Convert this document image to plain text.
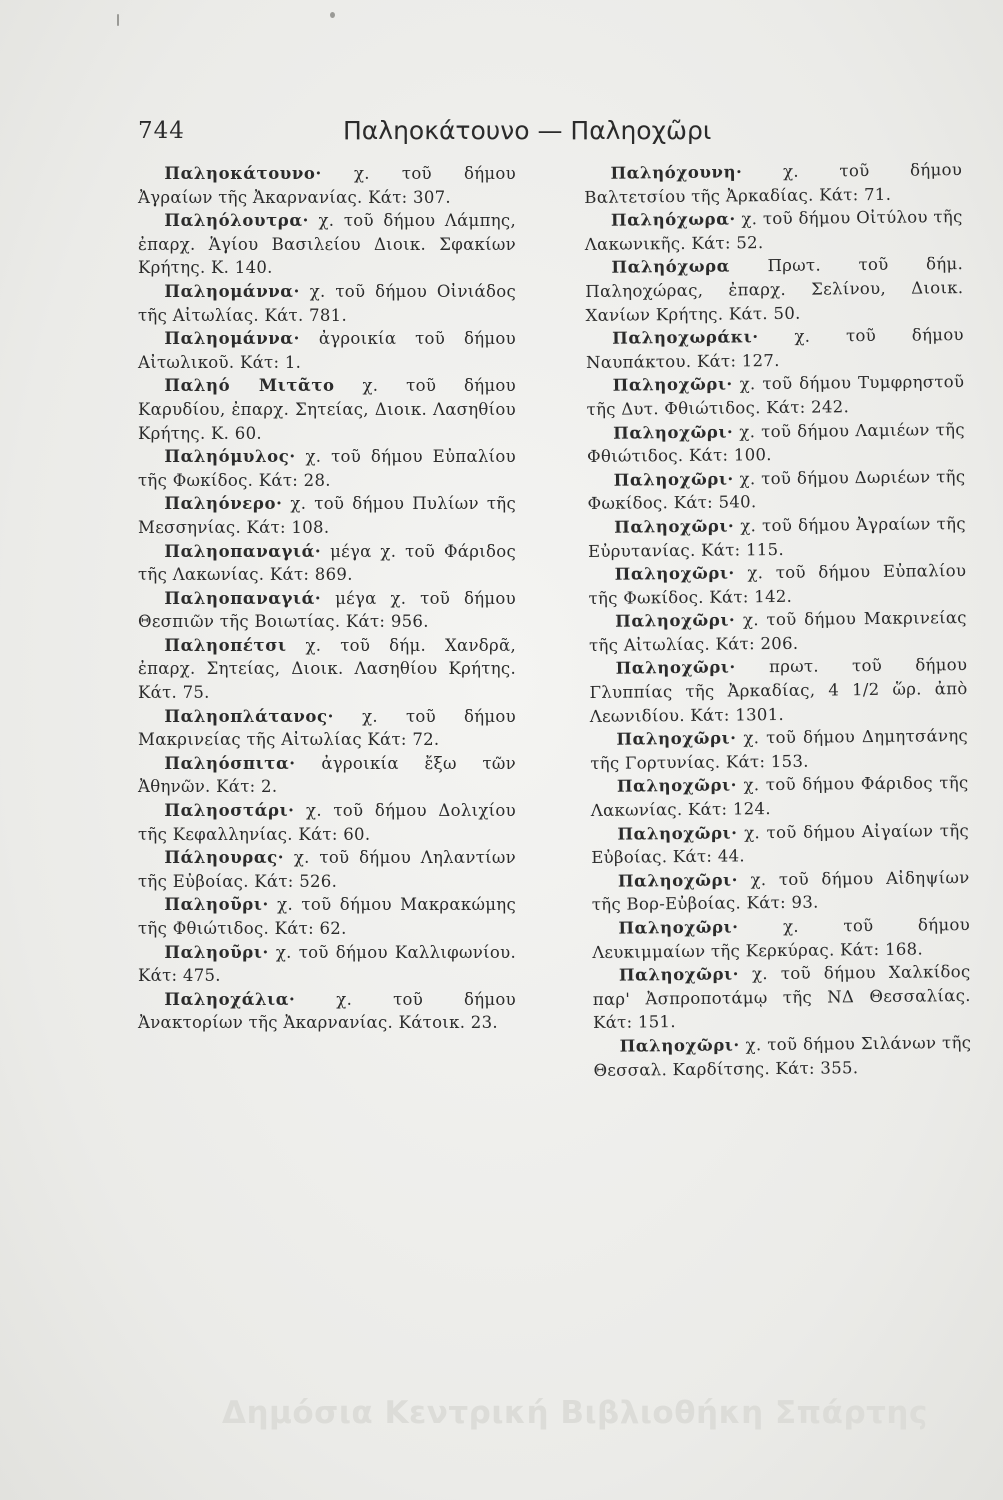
744	Παληοκάτουνο — Παληοχῶρι

Παληοκάτουνο· χ. τοῦ δήμου Ἀγραίων τῆς Ἀκαρνανίας. Κάτ: 307.

Παληόλουτρα· χ. τοῦ δήμου Λάμπης, ἐπαρχ. Ἁγίου Βασιλείου Διοικ. Σφακίων Κρήτης. Κ. 140.

Παληομάννα· χ. τοῦ δήμου Οἰνιάδος τῆς Αἰτωλίας. Κάτ. 781.

Παληομάννα· ἀγροικία τοῦ δήμου Αἰτωλικοῦ. Κάτ: 1.

Παληό Μιτᾶτο χ. τοῦ δήμου Καρυδίου, ἐπαρχ. Σητείας, Διοικ. Λασηθίου Κρήτης. Κ. 60.

Παληόμυλος· χ. τοῦ δήμου Εὐπαλίου τῆς Φωκίδος. Κάτ: 28.

Παληόνερο· χ. τοῦ δήμου Πυλίων τῆς Μεσσηνίας. Κάτ: 108.

Παληοπαναγιά· μέγα χ. τοῦ Φάριδος τῆς Λακωνίας. Κάτ: 869.

Παληοπαναγιά· μέγα χ. τοῦ δήμου Θεσπιῶν τῆς Βοιωτίας. Κάτ: 956.

Παληοπέτσι χ. τοῦ δήμ. Χανδρᾶ, ἐπαρχ. Σητείας, Διοικ. Λασηθίου Κρήτης. Κάτ. 75.

Παληοπλάτανος· χ. τοῦ δήμου Μακρινείας τῆς Αἰτωλίας Κάτ: 72.

Παληόσπιτα· ἀγροικία ἔξω τῶν Ἀθηνῶν. Κάτ: 2.

Παληοστάρι· χ. τοῦ δήμου Δολιχίου τῆς Κεφαλληνίας. Κάτ: 60.

Πάληουρας· χ. τοῦ δήμου Ληλαντίων τῆς Εὐβοίας. Κάτ: 526.

Παληοῦρι· χ. τοῦ δήμου Μακρακώμης τῆς Φθιώτιδος. Κάτ: 62.

Παληοῦρι· χ. τοῦ δήμου Καλλιφωνίου. Κάτ: 475.

Παληοχάλια· χ. τοῦ δήμου Ἀνακτορίων τῆς Ἀκαρνανίας. Κάτοικ. 23.

Παληόχουνη· χ. τοῦ δήμου Βαλτετσίου τῆς Ἀρκαδίας. Κάτ: 71.

Παληόχωρα· χ. τοῦ δήμου Οἰτύλου τῆς Λακωνικῆς. Κάτ: 52.

Παληόχωρα Πρωτ. τοῦ δήμ. Παληοχώρας, ἐπαρχ. Σελίνου, Διοικ. Χανίων Κρήτης. Κάτ. 50.

Παληοχωράκι· χ. τοῦ δήμου Ναυπάκτου. Κάτ: 127.

Παληοχῶρι· χ. τοῦ δήμου Τυμφρηστοῦ τῆς Δυτ. Φθιώτιδος. Κάτ: 242.

Παληοχῶρι· χ. τοῦ δήμου Λαμιέων τῆς Φθιώτιδος. Κάτ: 100.

Παληοχῶρι· χ. τοῦ δήμου Δωριέων τῆς Φωκίδος. Κάτ: 540.

Παληοχῶρι· χ. τοῦ δήμου Ἀγραίων τῆς Εὐρυτανίας. Κάτ: 115.

Παληοχῶρι· χ. τοῦ δήμου Εὐπαλίου τῆς Φωκίδος. Κάτ: 142.

Παληοχῶρι· χ. τοῦ δήμου Μακρινείας τῆς Αἰτωλίας. Κάτ: 206.

Παληοχῶρι· πρωτ. τοῦ δήμου Γλυππίας τῆς Ἀρκαδίας, 4 1/2 ὥρ. ἀπὸ Λεωνιδίου. Κάτ: 1301.

Παληοχῶρι· χ. τοῦ δήμου Δημητσάνης τῆς Γορτυνίας. Κάτ: 153.

Παληοχῶρι· χ. τοῦ δήμου Φάριδος τῆς Λακωνίας. Κάτ: 124.

Παληοχῶρι· χ. τοῦ δήμου Αἰγαίων τῆς Εὐβοίας. Κάτ: 44.

Παληοχῶρι· χ. τοῦ δήμου Αἰδηψίων τῆς Βορ-Εὐβοίας. Κάτ: 93.

Παληοχῶρι· χ. τοῦ δήμου Λευκιμμαίων τῆς Κερκύρας. Κάτ: 168.

Παληοχῶρι· χ. τοῦ δήμου Χαλκίδος παρ' Ἀσπροποτάμῳ τῆς ΝΔ Θεσσαλίας. Κάτ: 151.

Παληοχῶρι· χ. τοῦ δήμου Σιλάνων τῆς Θεσσαλ. Καρδίτσης. Κάτ: 355.

Δημόσια Κεντρική Βιβλιοθήκη Σπάρτης
